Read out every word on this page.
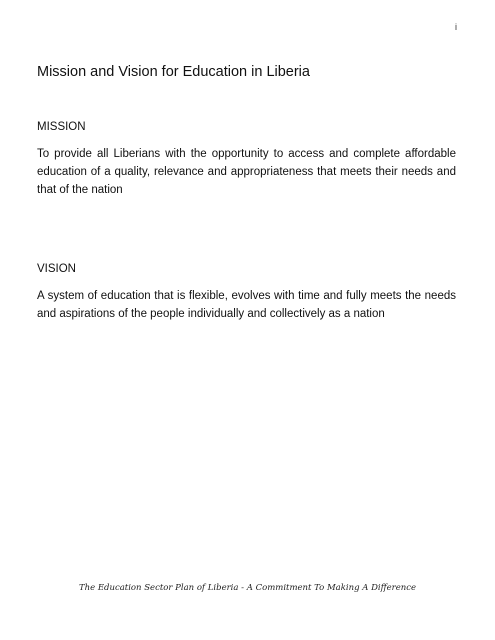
i
Mission and Vision for Education in Liberia
MISSION

To provide all Liberians with the opportunity to access and complete affordable education of a quality, relevance and appropriateness that meets their needs and that of the nation

VISION

A system of education that is flexible, evolves with time and fully meets the needs and aspirations of the people individually and collectively as a nation

The Education Sector Plan of Liberia - A Commitment To Making A Difference
